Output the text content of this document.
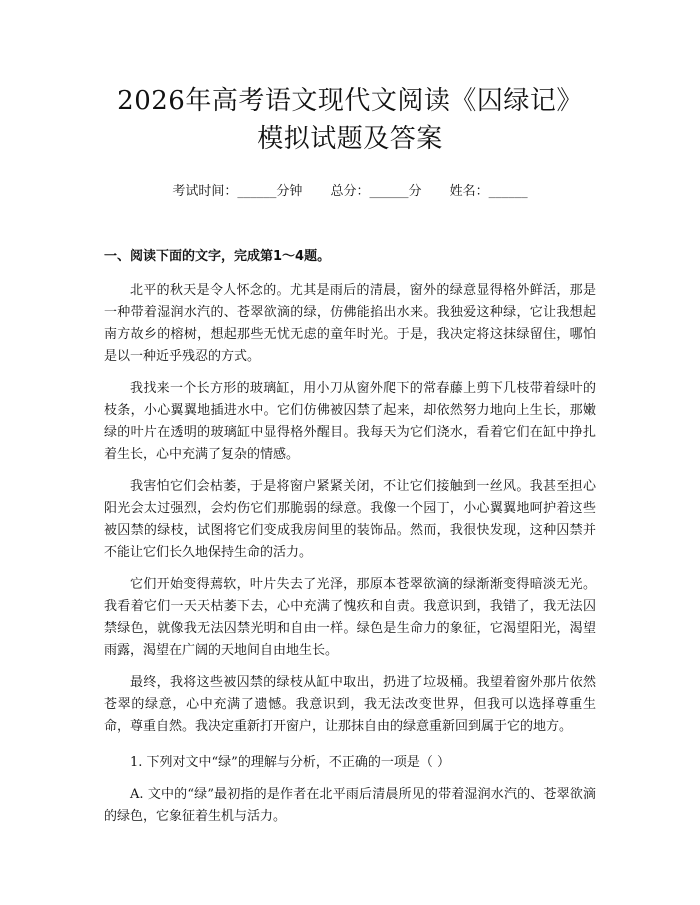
2026年高考语文现代文阅读《囚绿记》模拟试题及答案
考试时间：______分钟 总分：______分 姓名：______
一、阅读下面的文字，完成第1～4题。

北平的秋天是令人怀念的。尤其是雨后的清晨，窗外的绿意显得格外鲜活，那是一种带着湿润水汽的、苍翠欲滴的绿，仿佛能掐出水来。我独爱这种绿，它让我想起南方故乡的榕树，想起那些无忧无虑的童年时光。于是，我决定将这抹绿留住，哪怕是以一种近乎残忍的方式。

我找来一个长方形的玻璃缸，用小刀从窗外爬下的常春藤上剪下几枝带着绿叶的枝条，小心翼翼地插进水中。它们仿佛被囚禁了起来，却依然努力地向上生长，那嫩绿的叶片在透明的玻璃缸中显得格外醒目。我每天为它们浇水，看着它们在缸中挣扎着生长，心中充满了复杂的情感。

我害怕它们会枯萎，于是将窗户紧紧关闭，不让它们接触到一丝风。我甚至担心阳光会太过强烈，会灼伤它们那脆弱的绿意。我像一个园丁，小心翼翼地呵护着这些被囚禁的绿枝，试图将它们变成我房间里的装饰品。然而，我很快发现，这种囚禁并不能让它们长久地保持生命的活力。

它们开始变得蔫软，叶片失去了光泽，那原本苍翠欲滴的绿渐渐变得暗淡无光。我看着它们一天天枯萎下去，心中充满了愧疚和自责。我意识到，我错了，我无法囚禁绿色，就像我无法囚禁光明和自由一样。绿色是生命力的象征，它渴望阳光，渴望雨露，渴望在广阔的天地间自由地生长。

最终，我将这些被囚禁的绿枝从缸中取出，扔进了垃圾桶。我望着窗外那片依然苍翠的绿意，心中充满了遗憾。我意识到，我无法改变世界，但我可以选择尊重生命，尊重自然。我决定重新打开窗户，让那抹自由的绿意重新回到属于它的地方。

1. 下列对文中“绿”的理解与分析，不正确的一项是（ ）
A. 文中的“绿”最初指的是作者在北平雨后清晨所见的带着湿润水汽的、苍翠欲滴的绿色，它象征着生机与活力。
